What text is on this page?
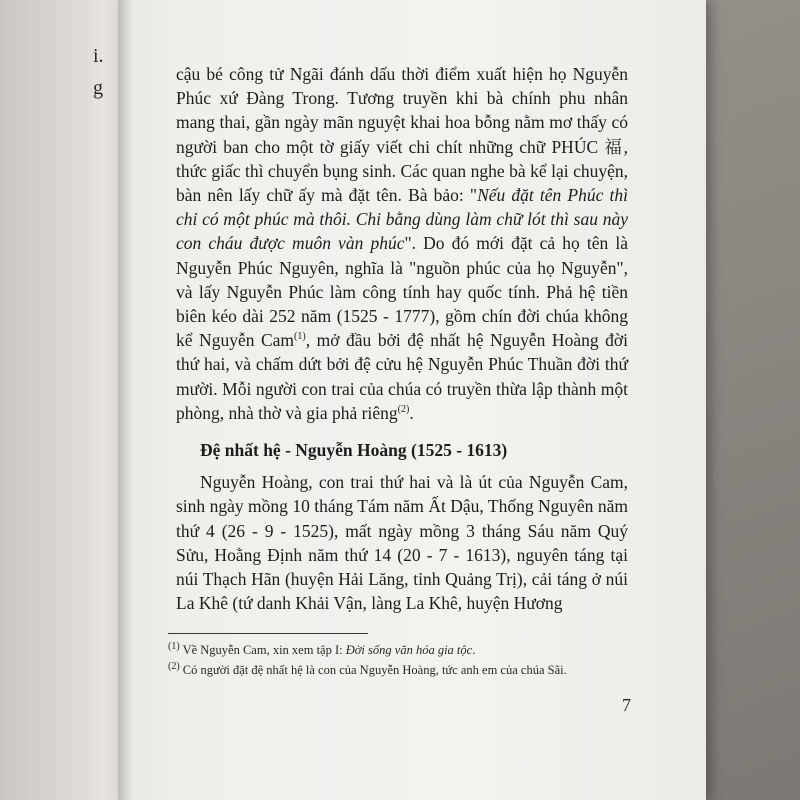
i.
g

cậu bé công tử Ngãi đánh dấu thời điểm xuất hiện họ Nguyễn Phúc xứ Đàng Trong. Tương truyền khi bà chính phu nhân mang thai, gần ngày mãn nguyệt khai hoa bỗng nằm mơ thấy có người ban cho một tờ giấy viết chi chít những chữ PHÚC 福, thức giấc thì chuyển bụng sinh. Các quan nghe bà kể lại chuyện, bàn nên lấy chữ ấy mà đặt tên. Bà bảo: "Nếu đặt tên Phúc thì chỉ có một phúc mà thôi. Chi bằng dùng làm chữ lót thì sau này con cháu được muôn vàn phúc". Do đó mới đặt cả họ tên là Nguyễn Phúc Nguyên, nghĩa là "nguồn phúc của họ Nguyễn", và lấy Nguyễn Phúc làm công tính hay quốc tính. Phả hệ tiền biên kéo dài 252 năm (1525 - 1777), gồm chín đời chúa không kể Nguyễn Cam$^{(1)}$, mở đầu bởi đệ nhất hệ Nguyễn Hoàng đời thứ hai, và chấm dứt bởi đệ cửu hệ Nguyễn Phúc Thuần đời thứ mười. Mỗi người con trai của chúa có truyền thừa lập thành một phòng, nhà thờ và gia phả riêng$^{(2)}$.

Đệ nhất hệ - Nguyễn Hoàng (1525 - 1613)

Nguyễn Hoàng, con trai thứ hai và là út của Nguyễn Cam, sinh ngày mồng 10 tháng Tám năm Ất Dậu, Thống Nguyên năm thứ 4 (26 - 9 - 1525), mất ngày mồng 3 tháng Sáu năm Quý Sửu, Hoằng Định năm thứ 14 (20 - 7 - 1613), nguyên táng tại núi Thạch Hãn (huyện Hải Lăng, tỉnh Quảng Trị), cải táng ở núi La Khê (tứ danh Khải Vận, làng La Khê, huyện Hương

$^{(1)}$ Về Nguyễn Cam, xin xem tập I: Đời sống văn hóa gia tộc.

$^{(2)}$ Có người đặt đệ nhất hệ là con của Nguyễn Hoàng, tức anh em của chúa Sãi.

7
